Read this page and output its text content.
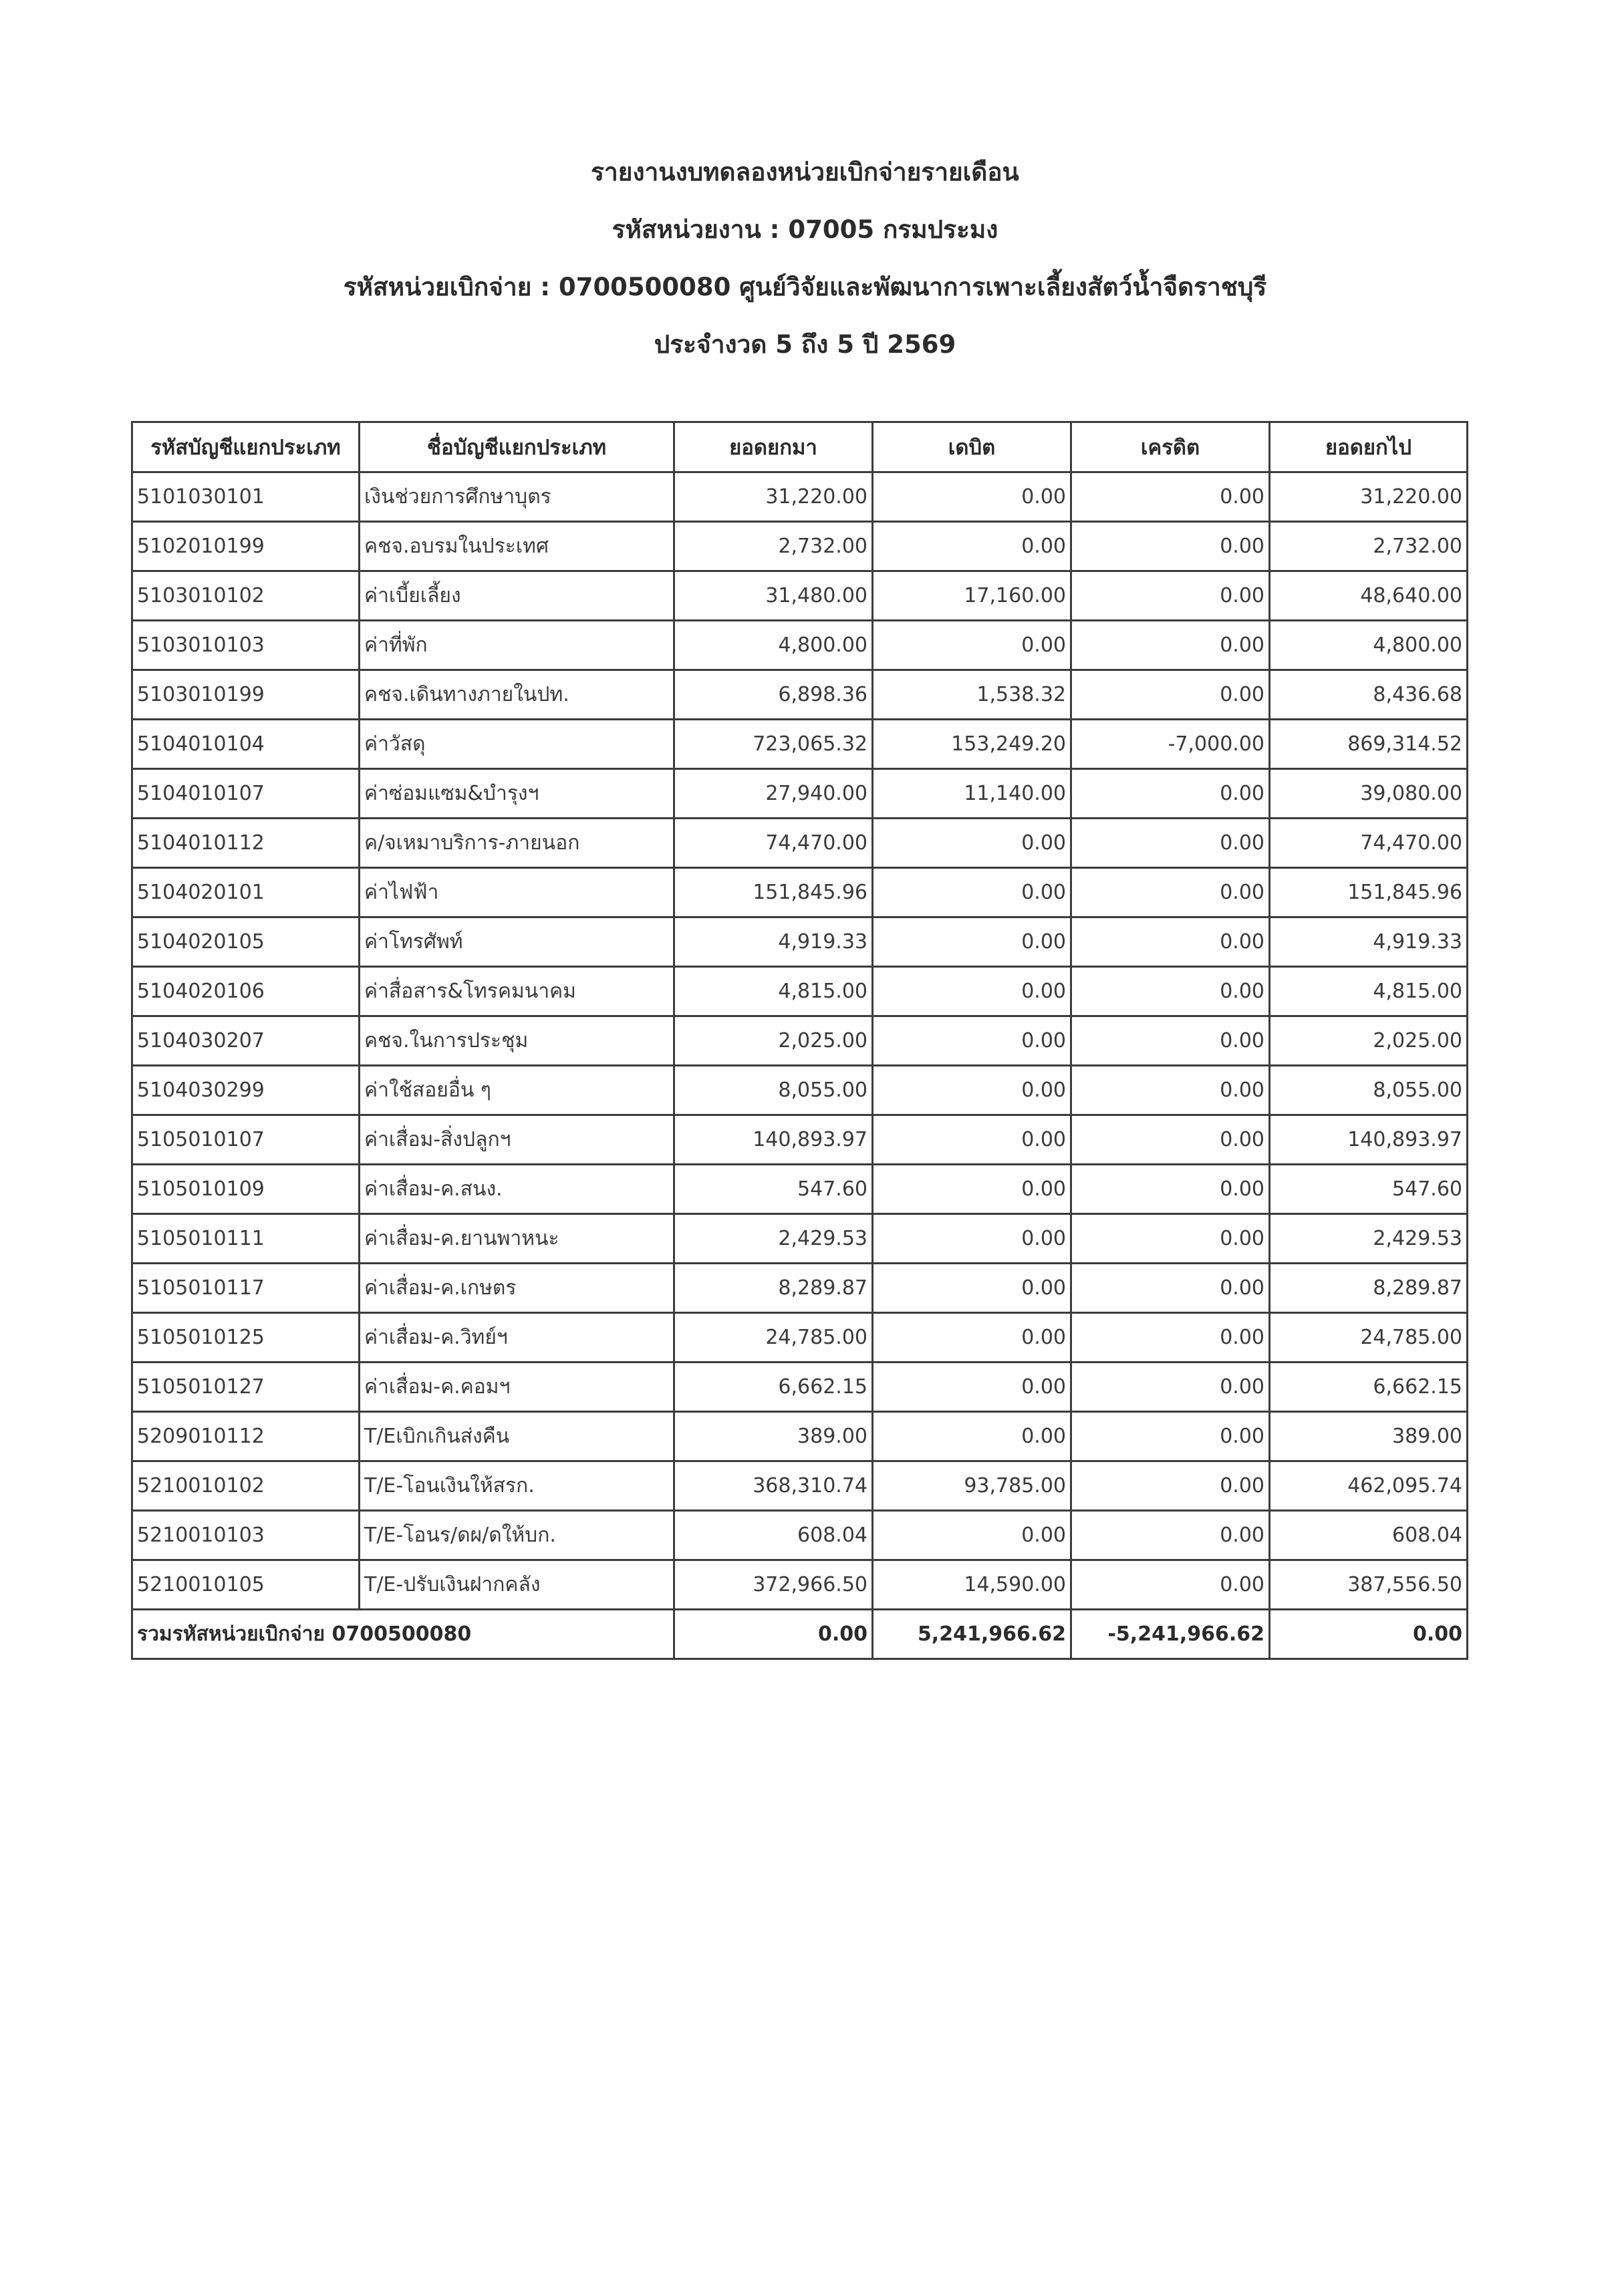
รายงานงบทดลองหน่วยเบิกจ่ายรายเดือน
รหัสหน่วยงาน : 07005 กรมประมง
รหัสหน่วยเบิกจ่าย : 0700500080 ศูนย์วิจัยและพัฒนาการเพาะเลี้ยงสัตว์น้ำจืดราชบุรี
ประจำงวด 5 ถึง 5 ปี 2569
รหัสบัญชีแยกประเภท	ชื่อบัญชีแยกประเภท	ยอดยกมา	เดบิต	เครดิต	ยอดยกไป
5101030101	เงินช่วยการศึกษาบุตร	31,220.00	0.00	0.00	31,220.00
5102010199	คชจ.อบรมในประเทศ	2,732.00	0.00	0.00	2,732.00
5103010102	ค่าเบี้ยเลี้ยง	31,480.00	17,160.00	0.00	48,640.00
5103010103	ค่าที่พัก	4,800.00	0.00	0.00	4,800.00
5103010199	คชจ.เดินทางภายในปท.	6,898.36	1,538.32	0.00	8,436.68
5104010104	ค่าวัสดุ	723,065.32	153,249.20	-7,000.00	869,314.52
5104010107	ค่าซ่อมแซม&บำรุงฯ	27,940.00	11,140.00	0.00	39,080.00
5104010112	ค/จเหมาบริการ-ภายนอก	74,470.00	0.00	0.00	74,470.00
5104020101	ค่าไฟฟ้า	151,845.96	0.00	0.00	151,845.96
5104020105	ค่าโทรศัพท์	4,919.33	0.00	0.00	4,919.33
5104020106	ค่าสื่อสาร&โทรคมนาคม	4,815.00	0.00	0.00	4,815.00
5104030207	คชจ.ในการประชุม	2,025.00	0.00	0.00	2,025.00
5104030299	ค่าใช้สอยอื่น ๆ	8,055.00	0.00	0.00	8,055.00
5105010107	ค่าเสื่อม-สิ่งปลูกฯ	140,893.97	0.00	0.00	140,893.97
5105010109	ค่าเสื่อม-ค.สนง.	547.60	0.00	0.00	547.60
5105010111	ค่าเสื่อม-ค.ยานพาหนะ	2,429.53	0.00	0.00	2,429.53
5105010117	ค่าเสื่อม-ค.เกษตร	8,289.87	0.00	0.00	8,289.87
5105010125	ค่าเสื่อม-ค.วิทย์ฯ	24,785.00	0.00	0.00	24,785.00
5105010127	ค่าเสื่อม-ค.คอมฯ	6,662.15	0.00	0.00	6,662.15
5209010112	T/Eเบิกเกินส่งคืน	389.00	0.00	0.00	389.00
5210010102	T/E-โอนเงินให้สรก.	368,310.74	93,785.00	0.00	462,095.74
5210010103	T/E-โอนร/ดผ/ดให้บก.	608.04	0.00	0.00	608.04
5210010105	T/E-ปรับเงินฝากคลัง	372,966.50	14,590.00	0.00	387,556.50
รวมรหัสหน่วยเบิกจ่าย 0700500080		0.00	5,241,966.62	-5,241,966.62	0.00
